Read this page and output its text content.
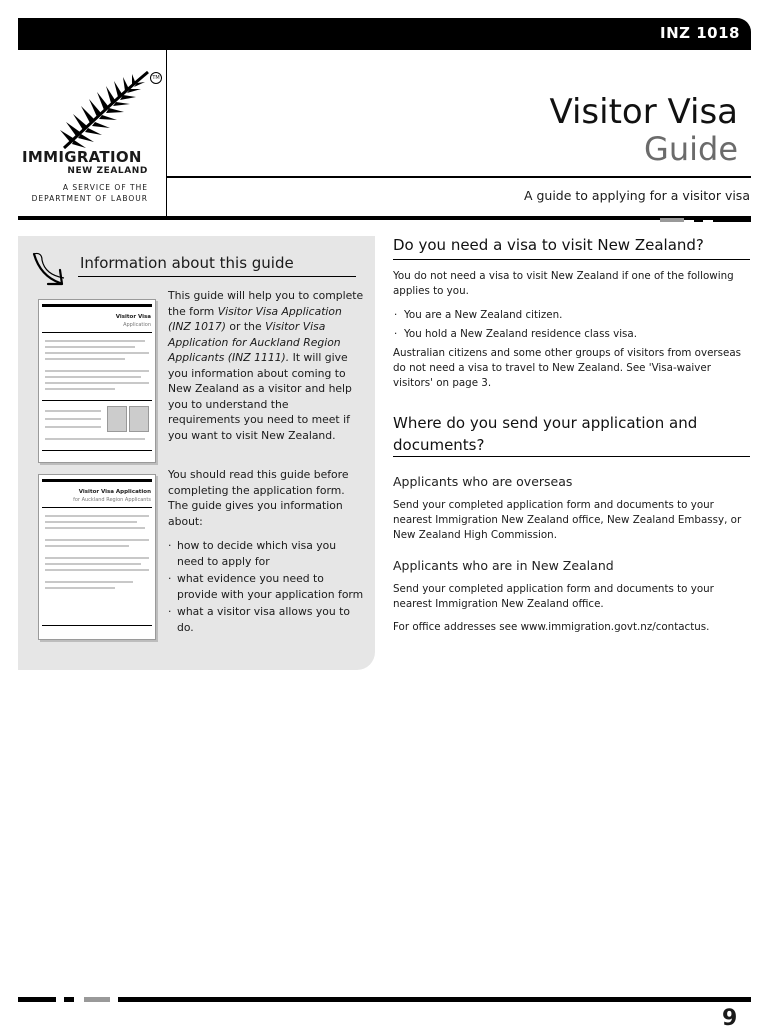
INZ 1018
TM
IMMIGRATION
NEW ZEALAND
A SERVICE OF THE
DEPARTMENT OF LABOUR
Visitor Visa
Guide
A guide to applying for a visitor visa
Information about this guide
Visitor Visa
Application
Visitor Visa Application
for Auckland Region Applicants
This guide will help you to complete the form Visitor Visa Application (INZ 1017) or the Visitor Visa Application for Auckland Region Applicants (INZ 1111). It will give you information about coming to New Zealand as a visitor and help you to understand the requirements you need to meet if you want to visit New Zealand.
You should read this guide before completing the application form. The guide gives you information about:
· how to decide which visa you need to apply for
· what evidence you need to provide with your application form
· what a visitor visa allows you to do.
Do you need a visa to visit New Zealand?
You do not need a visa to visit New Zealand if one of the following applies to you.
· You are a New Zealand citizen.
· You hold a New Zealand residence class visa.
Australian citizens and some other groups of visitors from overseas do not need a visa to travel to New Zealand. See 'Visa-waiver visitors' on page 3.
Where do you send your application and documents?
Applicants who are overseas
Send your completed application form and documents to your nearest Immigration New Zealand office, New Zealand Embassy, or New Zealand High Commission.
Applicants who are in New Zealand
Send your completed application form and documents to your nearest Immigration New Zealand office.
For office addresses see www.immigration.govt.nz/contactus.
9
